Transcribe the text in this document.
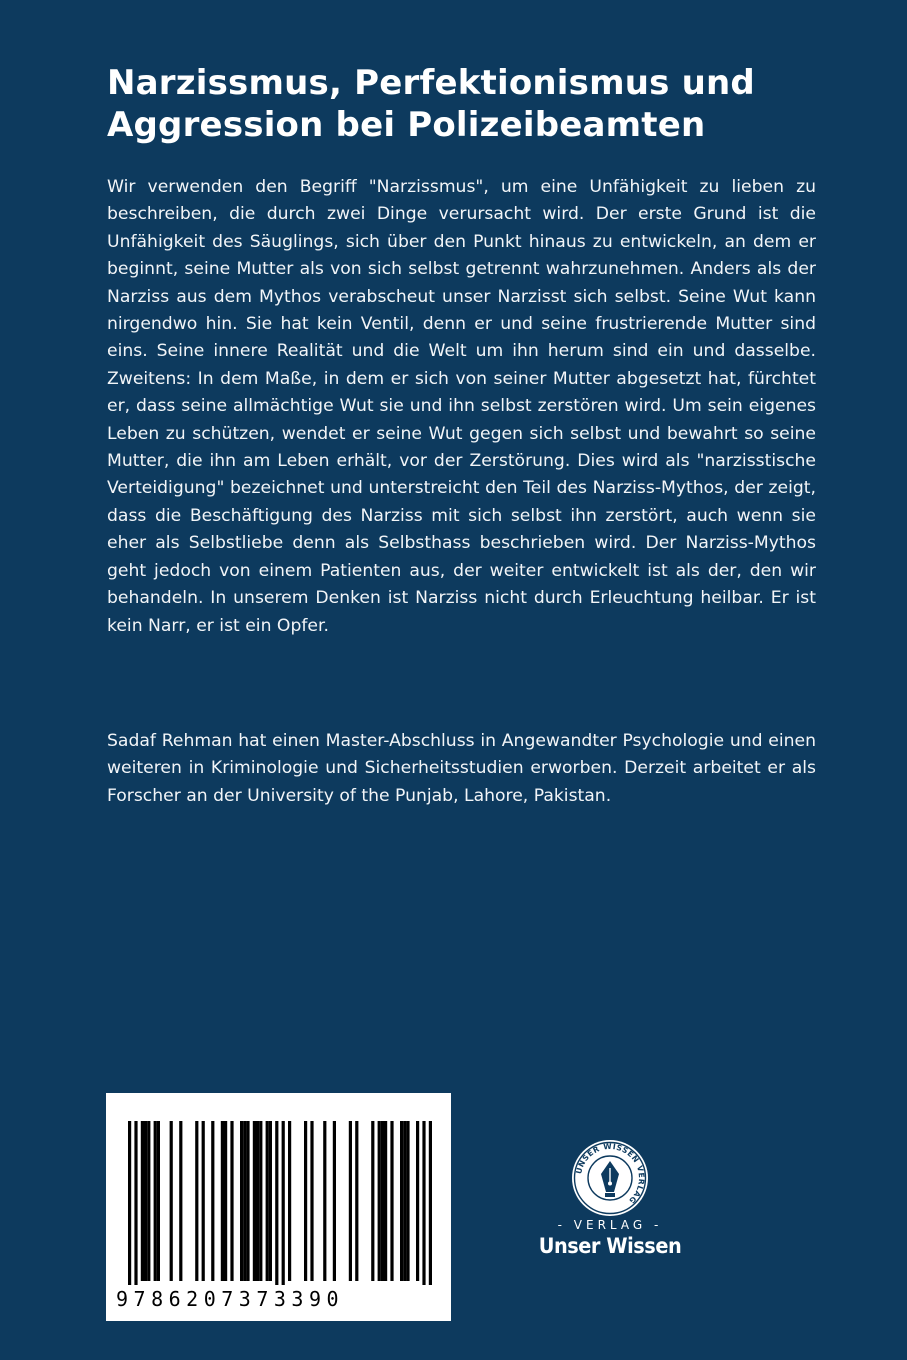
Narzissmus, Perfektionismus und
Aggression bei Polizeibeamten

Wir verwenden den Begriff "Narzissmus", um eine Unfähigkeit zu lieben zu beschreiben, die durch zwei Dinge verursacht wird. Der erste Grund ist die Unfähigkeit des Säuglings, sich über den Punkt hinaus zu entwickeln, an dem er beginnt, seine Mutter als von sich selbst getrennt wahrzunehmen. Anders als der Narziss aus dem Mythos verabscheut unser Narzisst sich selbst. Seine Wut kann nirgendwo hin. Sie hat kein Ventil, denn er und seine frustrierende Mutter sind eins. Seine innere Realität und die Welt um ihn herum sind ein und dasselbe. Zweitens: In dem Maße, in dem er sich von seiner Mutter abgesetzt hat, fürchtet er, dass seine allmächtige Wut sie und ihn selbst zerstören wird. Um sein eigenes Leben zu schützen, wendet er seine Wut gegen sich selbst und bewahrt so seine Mutter, die ihn am Leben erhält, vor der Zerstörung. Dies wird als "narzisstische Verteidigung" bezeichnet und unterstreicht den Teil des Narziss-Mythos, der zeigt, dass die Beschäftigung des Narziss mit sich selbst ihn zerstört, auch wenn sie eher als Selbstliebe denn als Selbsthass beschrieben wird. Der Narziss-Mythos geht jedoch von einem Patienten aus, der weiter entwickelt ist als der, den wir behandeln. In unserem Denken ist Narziss nicht durch Erleuchtung heilbar. Er ist kein Narr, er ist ein Opfer.

Sadaf Rehman hat einen Master-Abschluss in Angewandter Psychologie und einen weiteren in Kriminologie und Sicherheitsstudien erworben. Derzeit arbeitet er als Forscher an der University of the Punjab, Lahore, Pakistan.

9786207373390
UNSER WISSEN VERLAG
- VERLAG -
Unser Wissen
